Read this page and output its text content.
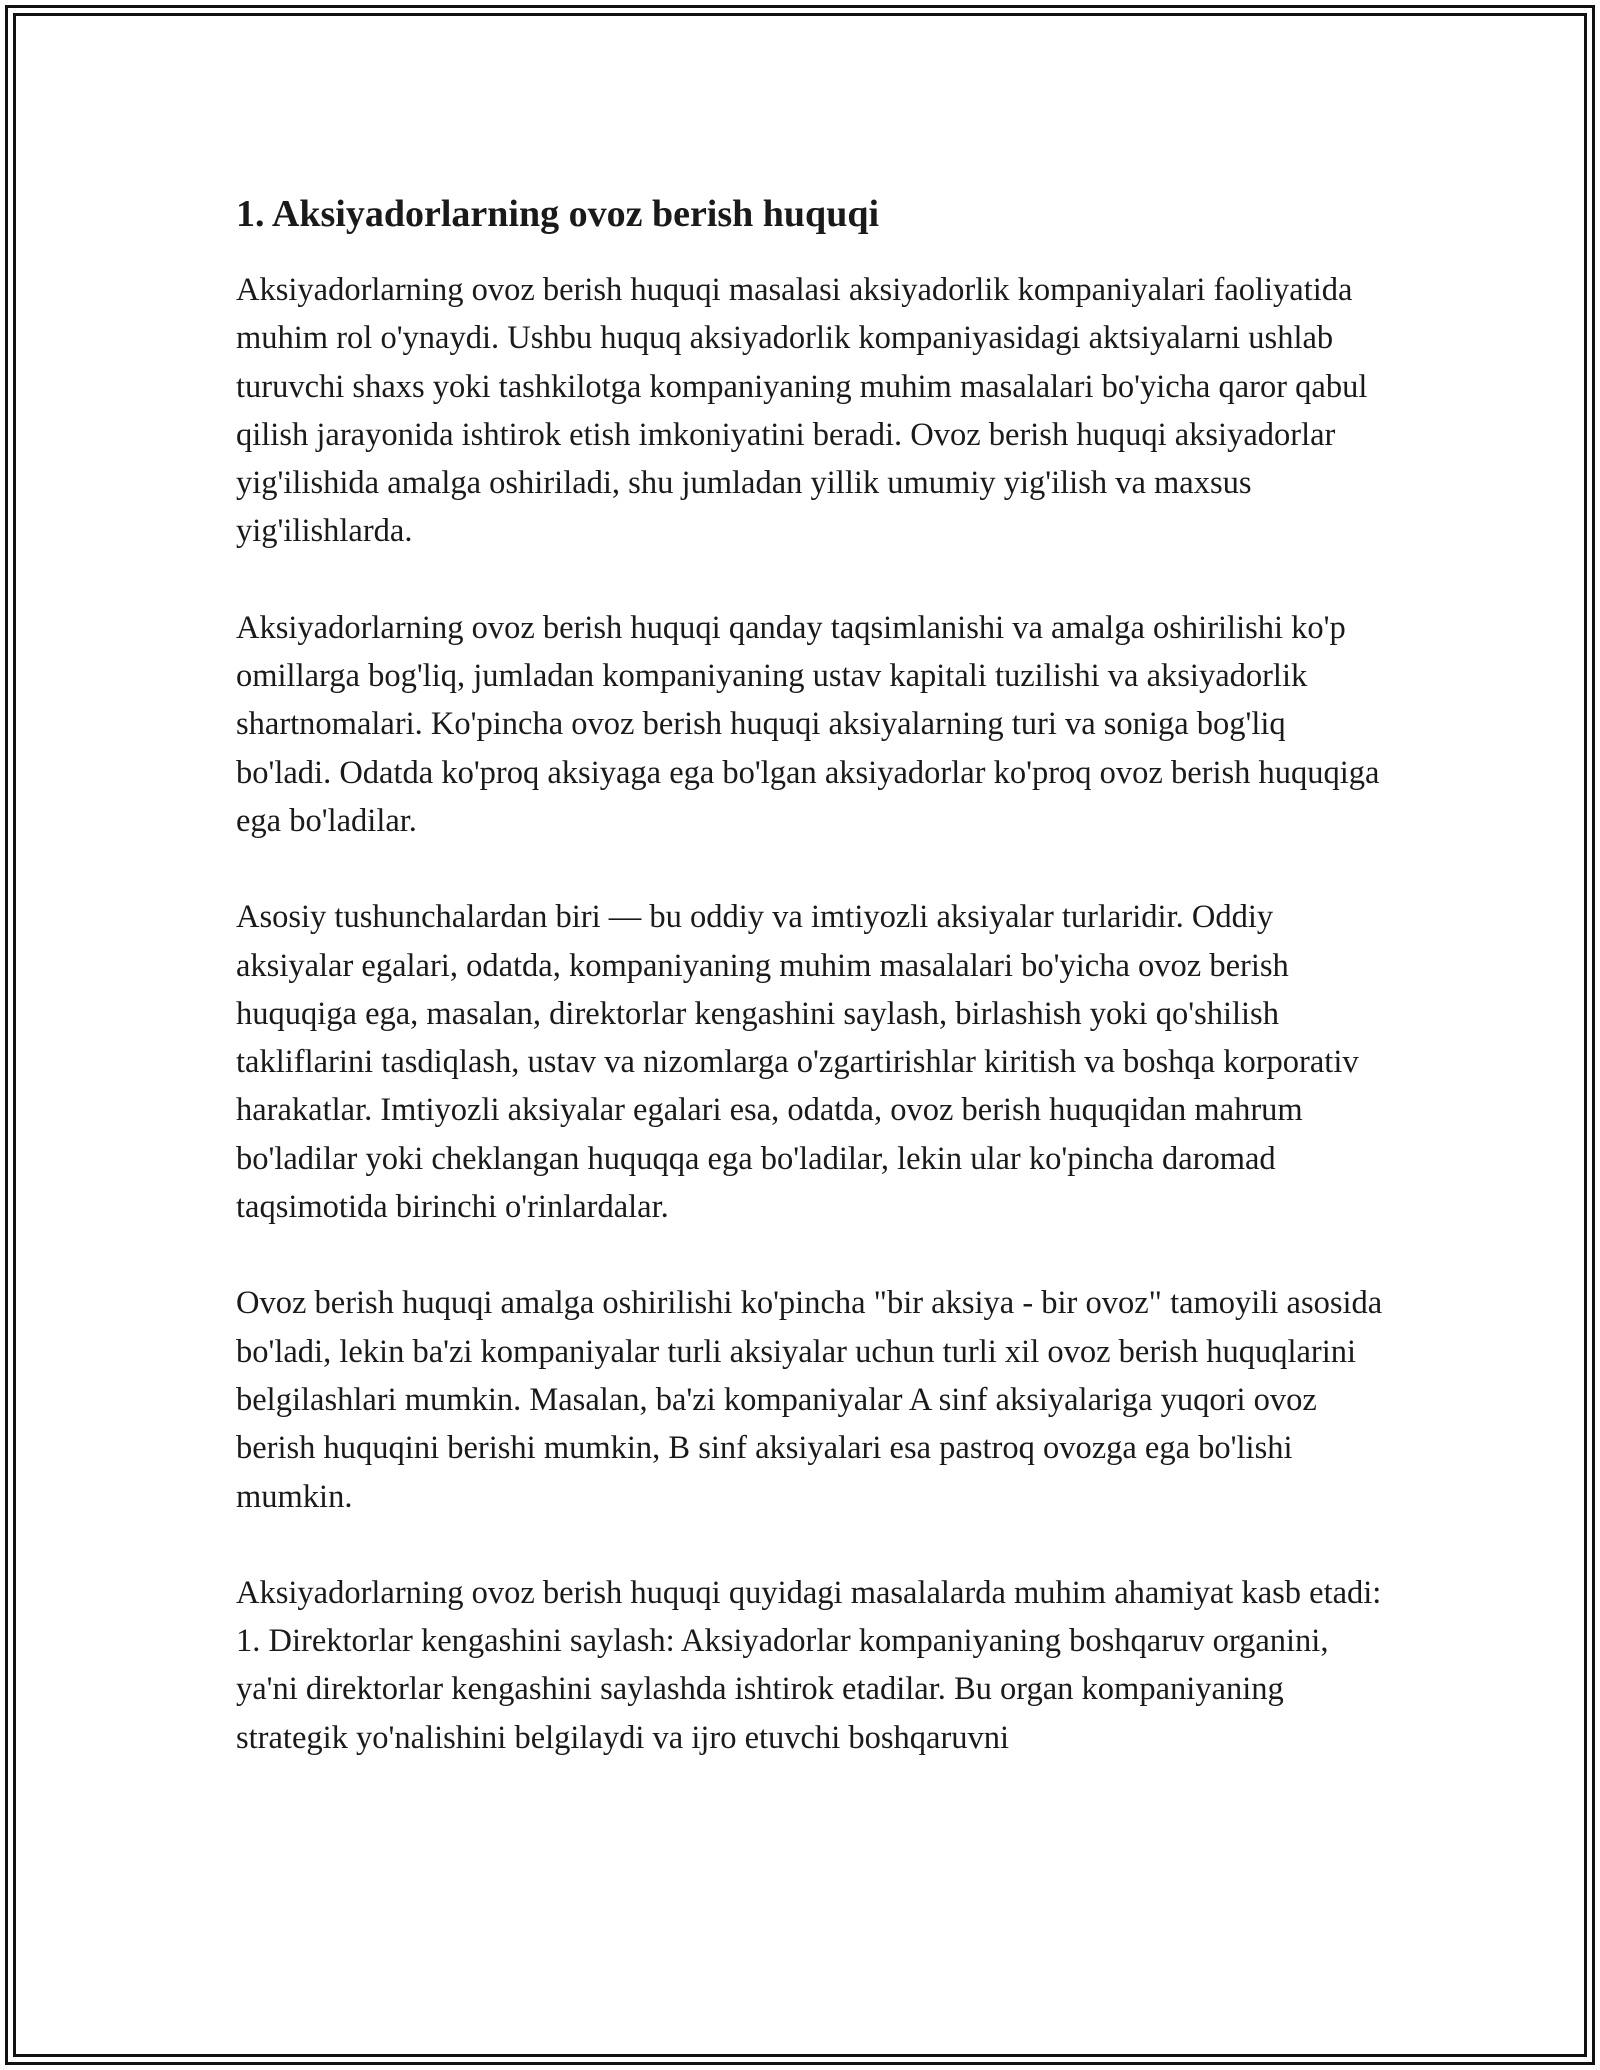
1. Aksiyadorlarning ovoz berish huquqi

Aksiyadorlarning ovoz berish huquqi masalasi aksiyadorlik kompaniyalari faoliyatida muhim rol o'ynaydi. Ushbu huquq aksiyadorlik kompaniyasidagi aktsiyalarni ushlab turuvchi shaxs yoki tashkilotga kompaniyaning muhim masalalari bo'yicha qaror qabul qilish jarayonida ishtirok etish imkoniyatini beradi. Ovoz berish huquqi aksiyadorlar yig'ilishida amalga oshiriladi, shu jumladan yillik umumiy yig'ilish va maxsus yig'ilishlarda.

Aksiyadorlarning ovoz berish huquqi qanday taqsimlanishi va amalga oshirilishi ko'p omillarga bog'liq, jumladan kompaniyaning ustav kapitali tuzilishi va aksiyadorlik shartnomalari. Ko'pincha ovoz berish huquqi aksiyalarning turi va soniga bog'liq bo'ladi. Odatda ko'proq aksiyaga ega bo'lgan aksiyadorlar ko'proq ovoz berish huquqiga ega bo'ladilar.

Asosiy tushunchalardan biri — bu oddiy va imtiyozli aksiyalar turlaridir. Oddiy aksiyalar egalari, odatda, kompaniyaning muhim masalalari bo'yicha ovoz berish huquqiga ega, masalan, direktorlar kengashini saylash, birlashish yoki qo'shilish takliflarini tasdiqlash, ustav va nizomlarga o'zgartirishlar kiritish va boshqa korporativ harakatlar. Imtiyozli aksiyalar egalari esa, odatda, ovoz berish huquqidan mahrum bo'ladilar yoki cheklangan huquqqa ega bo'ladilar, lekin ular ko'pincha daromad taqsimotida birinchi o'rinlardalar.

Ovoz berish huquqi amalga oshirilishi ko'pincha "bir aksiya - bir ovoz" tamoyili asosida bo'ladi, lekin ba'zi kompaniyalar turli aksiyalar uchun turli xil ovoz berish huquqlarini belgilashlari mumkin. Masalan, ba'zi kompaniyalar A sinf aksiyalariga yuqori ovoz berish huquqini berishi mumkin, B sinf aksiyalari esa pastroq ovozga ega bo'lishi mumkin.

Aksiyadorlarning ovoz berish huquqi quyidagi masalalarda muhim ahamiyat kasb etadi:

1. Direktorlar kengashini saylash: Aksiyadorlar kompaniyaning boshqaruv organini, ya'ni direktorlar kengashini saylashda ishtirok etadilar. Bu organ kompaniyaning strategik yo'nalishini belgilaydi va ijro etuvchi boshqaruvni
